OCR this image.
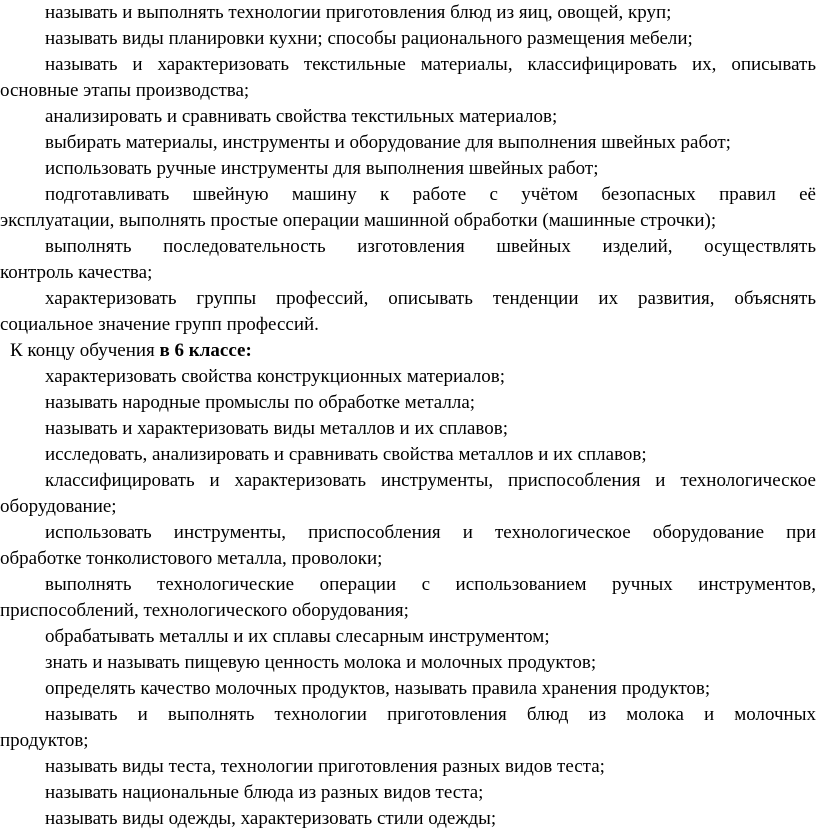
называть и выполнять технологии приготовления блюд из яиц, овощей, круп;
называть виды планировки кухни; способы рационального размещения мебели;
называть и характеризовать текстильные материалы, классифицировать их, описывать
основные этапы производства;
анализировать и сравнивать свойства текстильных материалов;
выбирать материалы, инструменты и оборудование для выполнения швейных работ;
использовать ручные инструменты для выполнения швейных работ;
подготавливать швейную машину к работе с учётом безопасных правил её
эксплуатации, выполнять простые операции машинной обработки (машинные строчки);
выполнять последовательность изготовления швейных изделий, осуществлять
контроль качества;
характеризовать группы профессий, описывать тенденции их развития, объяснять
социальное значение групп профессий.
К концу обучения в 6 классе:
характеризовать свойства конструкционных материалов;
называть народные промыслы по обработке металла;
называть и характеризовать виды металлов и их сплавов;
исследовать, анализировать и сравнивать свойства металлов и их сплавов;
классифицировать и характеризовать инструменты, приспособления и технологическое
оборудование;
использовать инструменты, приспособления и технологическое оборудование при
обработке тонколистового металла, проволоки;
выполнять технологические операции с использованием ручных инструментов,
приспособлений, технологического оборудования;
обрабатывать металлы и их сплавы слесарным инструментом;
знать и называть пищевую ценность молока и молочных продуктов;
определять качество молочных продуктов, называть правила хранения продуктов;
называть и выполнять технологии приготовления блюд из молока и молочных
продуктов;
называть виды теста, технологии приготовления разных видов теста;
называть национальные блюда из разных видов теста;
называть виды одежды, характеризовать стили одежды;
